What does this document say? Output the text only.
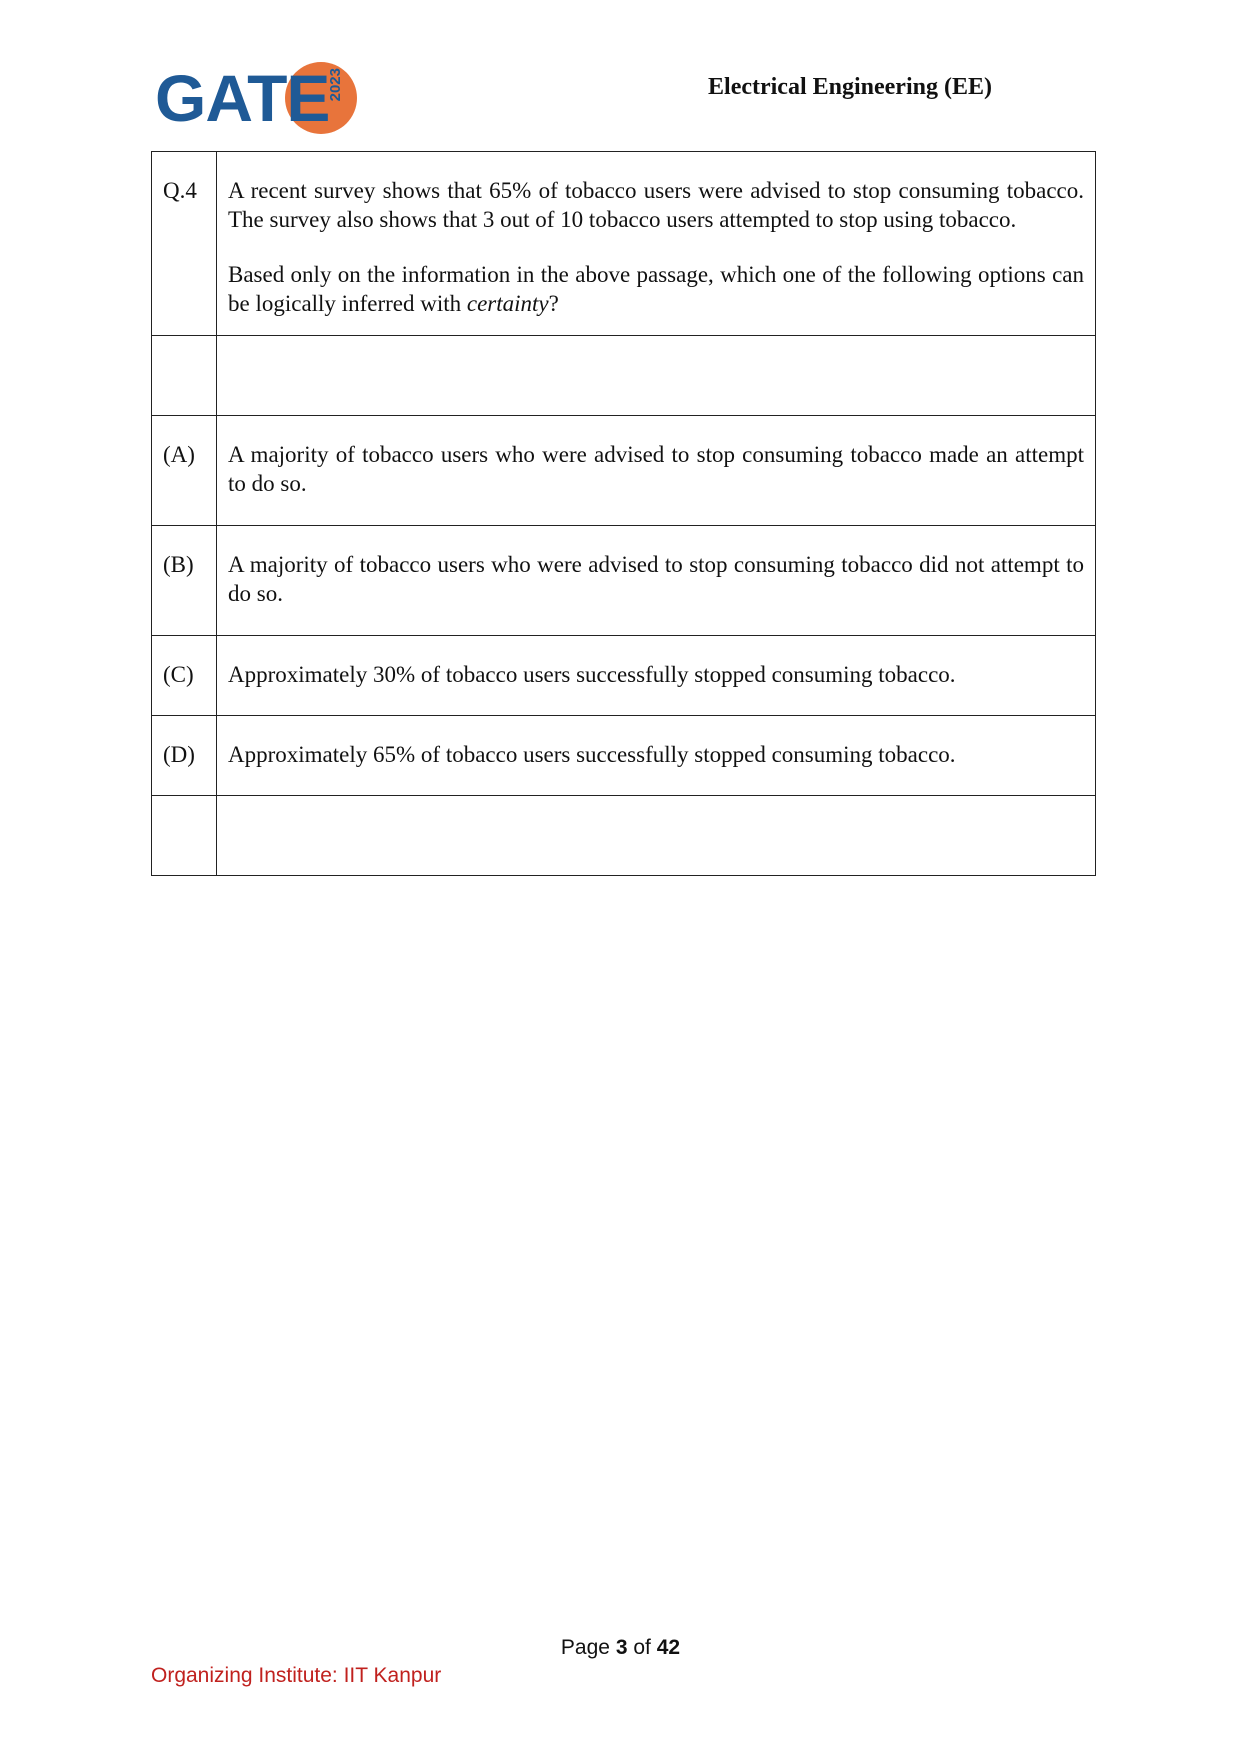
GATE
2023	Electrical Engineering (EE)
Q.4	A recent survey shows that 65% of tobacco users were advised to stop consuming tobacco. The survey also shows that 3 out of 10 tobacco users attempted to stop using tobacco.
Based only on the information in the above passage, which one of the following options can be logically inferred with certainty?

(A)	A majority of tobacco users who were advised to stop consuming tobacco made an attempt to do so.
(B)	A majority of tobacco users who were advised to stop consuming tobacco did not attempt to do so.
(C)	Approximately 30% of tobacco users successfully stopped consuming tobacco.
(D)	Approximately 65% of tobacco users successfully stopped consuming tobacco.

Page 3 of 42
Organizing Institute: IIT Kanpur
